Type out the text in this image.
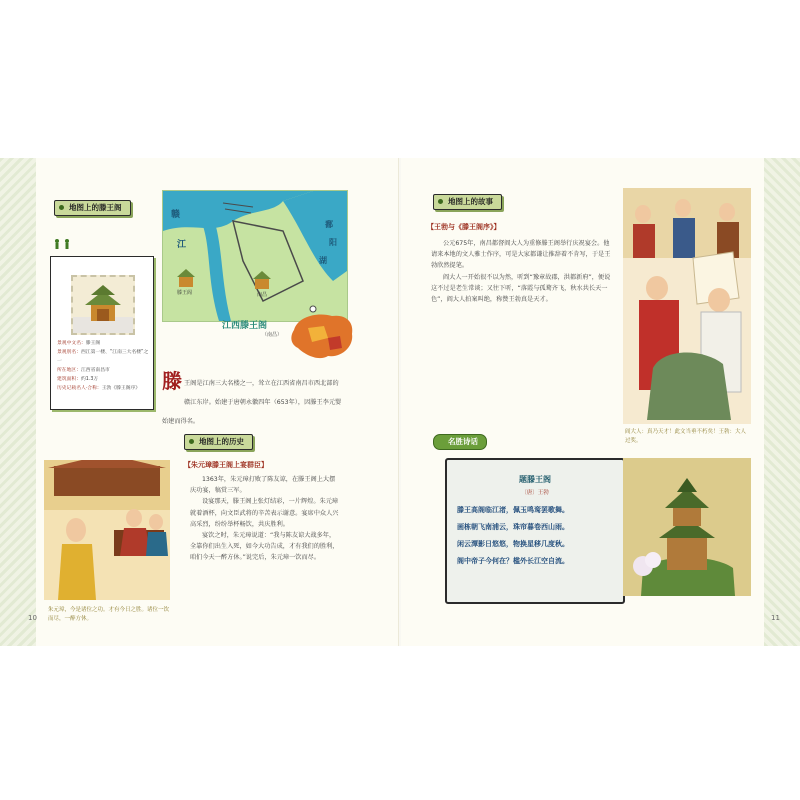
地图上的滕王阁
景观中文名：滕王阁
景观别名：西江第一楼、“江南三大名楼”之一
所在地区：江西省南昌市
建筑面积：约1.3万
历史记载名人·合称：王勃《滕王阁序》
赣
江
鄱
阳
湖
滕王阁	南昌
江西滕王阁
（南昌）
滕 王阁是江南三大名楼之一，耸立在江西省南昌市西北部的赣江东岸。始建于唐朝永徽四年（653年），因滕王李元婴始建而得名。
地图上的历史
【朱元璋滕王阁上宴群臣】

1363年，朱元璋打败了陈友谅，在滕王阁上大摆庆功宴，犒赏三军。

设宴那天，滕王阁上张灯结彩，一片辉煌。朱元璋就着酒杯，向文臣武将的辛苦表示谢意。宴席中众人兴高采烈，纷纷举杯畅饮，共庆胜利。

宴饮之时，朱元璋说道：“我与陈友谅大战多年，全靠你们出生入死，如今大功告成，才有我们的胜利，咱们今天一醉方休。”说完后，朱元璋一饮而尽。

朱元璋，今是诸位之功。才有今日之胜。诸位一饮而尽，一醉方休。
10
地图上的故事
【王勃与《滕王阁序》】

公元675年，南昌都督阎大人为重修滕王阁举行庆祝宴会。他请来本地的文人雅士作序，可是大家都谦让推辞着不肯写，于是王勃欣然提笔。

阎大人一开始很不以为然，听到“豫章故郡，洪都新府”，便说这不过是老生常谈；又往下听，“落霞与孤鹜齐飞，秋水共长天一色”，阎大人拍案叫绝，称赞王勃真是天才。

阎大人：真乃天才！此文当垂不朽矣！王勃：大人过奖。
名胜诗话
题滕王阁
〔唐〕王勃
滕王高阁临江渚，佩玉鸣鸾罢歌舞。
画栋朝飞南浦云，珠帘暮卷西山雨。
闲云潭影日悠悠，物换星移几度秋。
阁中帝子今何在？槛外长江空自流。
11
